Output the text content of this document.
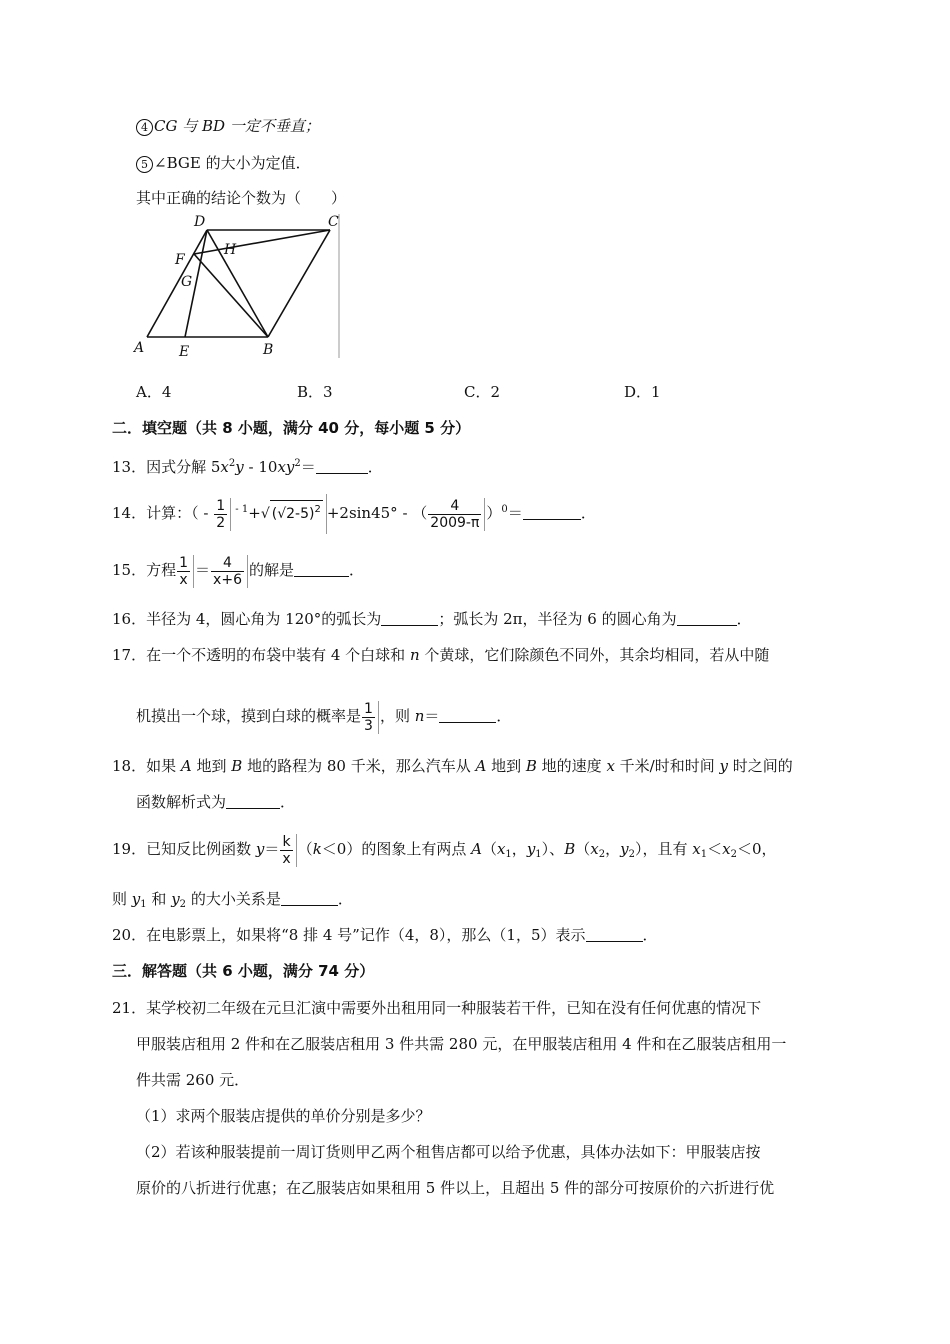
4 CG 与 BD 一定不垂直；
5 ∠BGE 的大小为定值．
其中正确的结论个数为（　　）
D	C
H
F
G
A E	B
A．4	B．3	C．2	D．1
二．填空题（共 8 小题，满分 40 分，每小题 5 分）
13．因式分解 $5x^2y - 10xy^2=$	．
14．计算：（ - $\frac{1}{2} ^{- 1}+√$ $(√2-5)^2 +2\sin 45^\circ$ - （ $\frac{4}{2009-\pi} )^0=$	．
15．方程 $\frac{1}{x} = \frac{4}{x+6}$ 的解是	．
16．半径为 4，圆心角为 120°的弧长为	；弧长为 2π，半径为 6 的圆心角为	．
17．在一个不透明的布袋中装有 4 个白球和 n 个黄球，它们除颜色不同外，其余均相同，若从中随
机摸出一个球，摸到白球的概率是 $\frac{1}{3}$ ，则 n＝	．
18．如果 A 地到 B 地的路程为 80 千米，那么汽车从 A 地到 B 地的速度 x 千米/时和时间 y 时之间的
函数解析式为	．
19．已知反比例函数 $y= \frac{k}{x} (k<0)$的图象上有两点 $A(x_1$，$y_1$）、$B(x_2$，$y_2$），且有 $x_1<x_2<0$，
则 $y_1$ 和 $y_2$ 的大小关系是	．
20．在电影票上，如果将“8 排 4 号”记作（4，8），那么（1，5）表示	．
三．解答题（共 6 小题，满分 74 分）
21．某学校初二年级在元旦汇演中需要外出租用同一种服装若干件，已知在没有任何优惠的情况下
甲服装店租用 2 件和在乙服装店租用 3 件共需 280 元，在甲服装店租用 4 件和在乙服装店租用一
件共需 260 元．
（1）求两个服装店提供的单价分别是多少？
（2）若该种服装提前一周订货则甲乙两个租售店都可以给予优惠，具体办法如下：甲服装店按
原价的八折进行优惠；在乙服装店如果租用 5 件以上，且超出 5 件的部分可按原价的六折进行优
